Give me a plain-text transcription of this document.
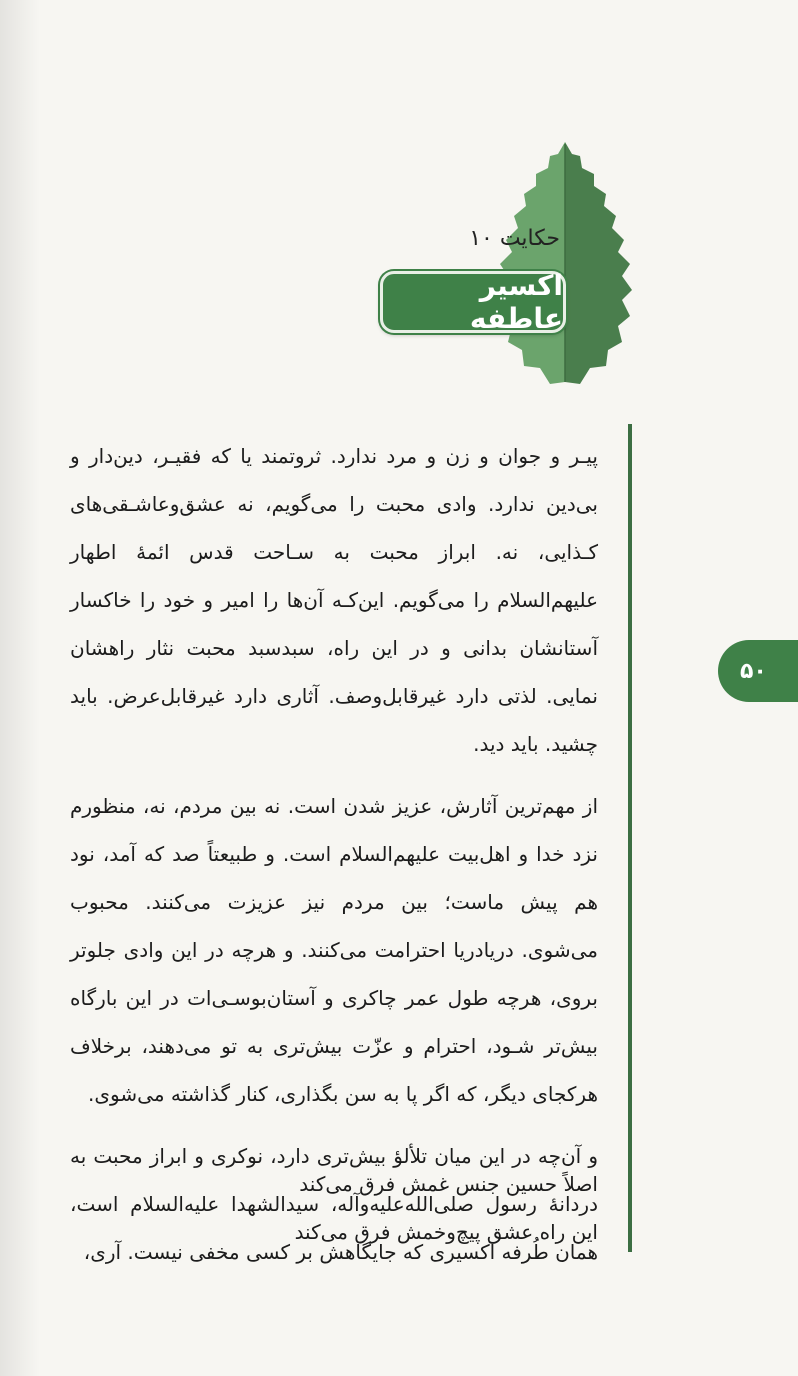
حکایت ۱۰
اکسیر عاطفه
۵۰

پیـر و جوان و زن و مرد ندارد. ثروتمند یا که فقیـر، دین‌دار و بی‌دین ندارد. وادی محبت را می‌گویم، نه عشق‌وعاشـقی‌های کـذایی، نه. ابراز محبت به سـاحت قدس ائمهٔ اطهار علیهم‌السلام را می‌گویم. این‌کـه آن‌ها را امیر و خود را خاکسار آستانشان بدانی و در این راه، سبدسبد محبت نثار راهشان نمایی. لذتی دارد غیرقابل‌وصف. آثاری دارد غیرقابل‌عرض. باید چشید. باید دید.

از مهم‌ترین آثارش، عزیز شدن است. نه بین مردم، نه، منظورم نزد خدا و اهل‌بیت علیهم‌السلام است. و طبیعتاً صد که آمد، نود هم پیش ماست؛ بین مردم نیز عزیزت می‌کنند. محبوب می‌شوی. دریادریا احترامت می‌کنند. و هرچه در این وادی جلوتر بروی، هرچه طول عمر چاکری و آستان‌بوسـی‌ات در این بارگاه بیش‌تر شـود، احترام و عزّت بیش‌تری به تو می‌دهند، برخلاف هرکجای دیگر، که اگر پا به سن بگذاری، کنار گذاشته می‌شوی.

و آن‌چه در این میان تلألؤ بیش‌تری دارد، نوکری و ابراز محبت به دردانهٔ رسول صلی‌الله‌علیه‌وآله، سیدالشهدا علیه‌السلام است، همان طُرفه اکسیری که جایگاهش بر کسی مخفی نیست. آری،

اصلاً حسین جنس غمش فرق می‌کند
این راه عشق پیچ‌وخمش فرق می‌کند
